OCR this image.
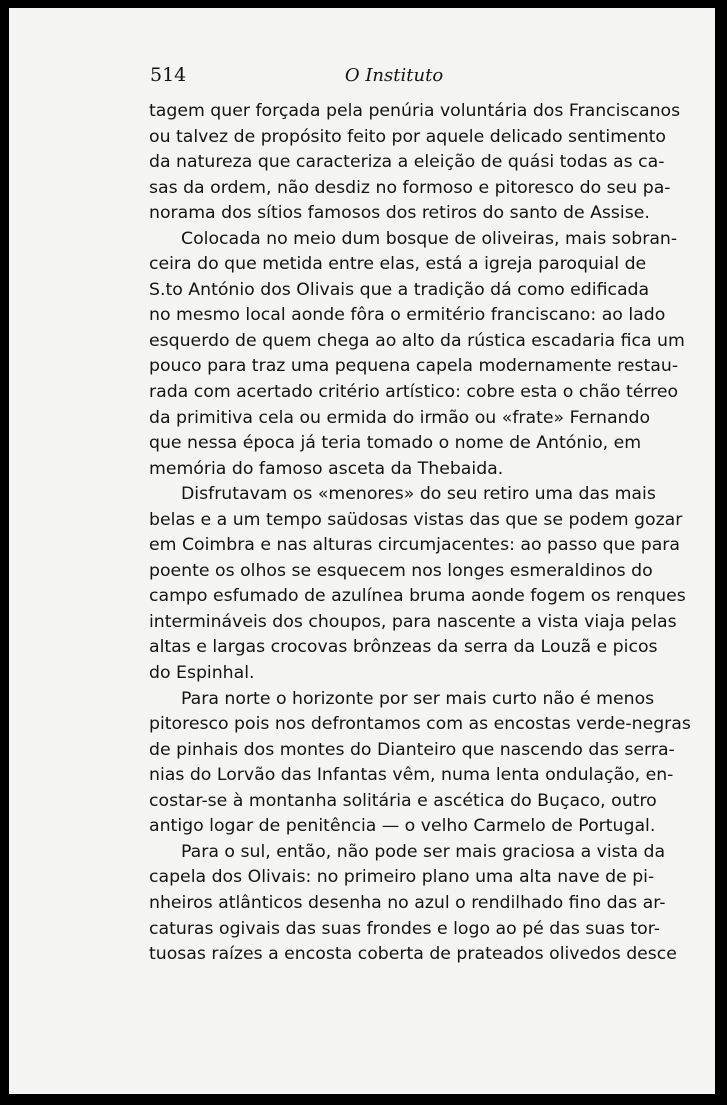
514	O Instituto
tagem quer forçada pela penúria voluntária dos Franciscanos
ou talvez de propósito feito por aquele delicado sentimento
da natureza que caracteriza a eleição de quási todas as ca-
sas da ordem, não desdiz no formoso e pitoresco do seu pa-
norama dos sítios famosos dos retiros do santo de Assise.
Colocada no meio dum bosque de oliveiras, mais sobran-
ceira do que metida entre elas, está a igreja paroquial de
S.to António dos Olivais que a tradição dá como edificada
no mesmo local aonde fôra o ermitério franciscano: ao lado
esquerdo de quem chega ao alto da rústica escadaria fica um
pouco para traz uma pequena capela modernamente restau-
rada com acertado critério artístico: cobre esta o chão térreo
da primitiva cela ou ermida do irmão ou «frate» Fernando
que nessa época já teria tomado o nome de António, em
memória do famoso asceta da Thebaida.
Disfrutavam os «menores» do seu retiro uma das mais
belas e a um tempo saüdosas vistas das que se podem gozar
em Coimbra e nas alturas circumjacentes: ao passo que para
poente os olhos se esquecem nos longes esmeraldinos do
campo esfumado de azulínea bruma aonde fogem os renques
intermináveis dos choupos, para nascente a vista viaja pelas
altas e largas crocovas brônzeas da serra da Louzã e picos
do Espinhal.
Para norte o horizonte por ser mais curto não é menos
pitoresco pois nos defrontamos com as encostas verde-negras
de pinhais dos montes do Dianteiro que nascendo das serra-
nias do Lorvão das Infantas vêm, numa lenta ondulação, en-
costar-se à montanha solitária e ascética do Buçaco, outro
antigo logar de penitência — o velho Carmelo de Portugal.
Para o sul, então, não pode ser mais graciosa a vista da
capela dos Olivais: no primeiro plano uma alta nave de pi-
nheiros atlânticos desenha no azul o rendilhado fino das ar-
caturas ogivais das suas frondes e logo ao pé das suas tor-
tuosas raízes a encosta coberta de prateados olivedos desce
